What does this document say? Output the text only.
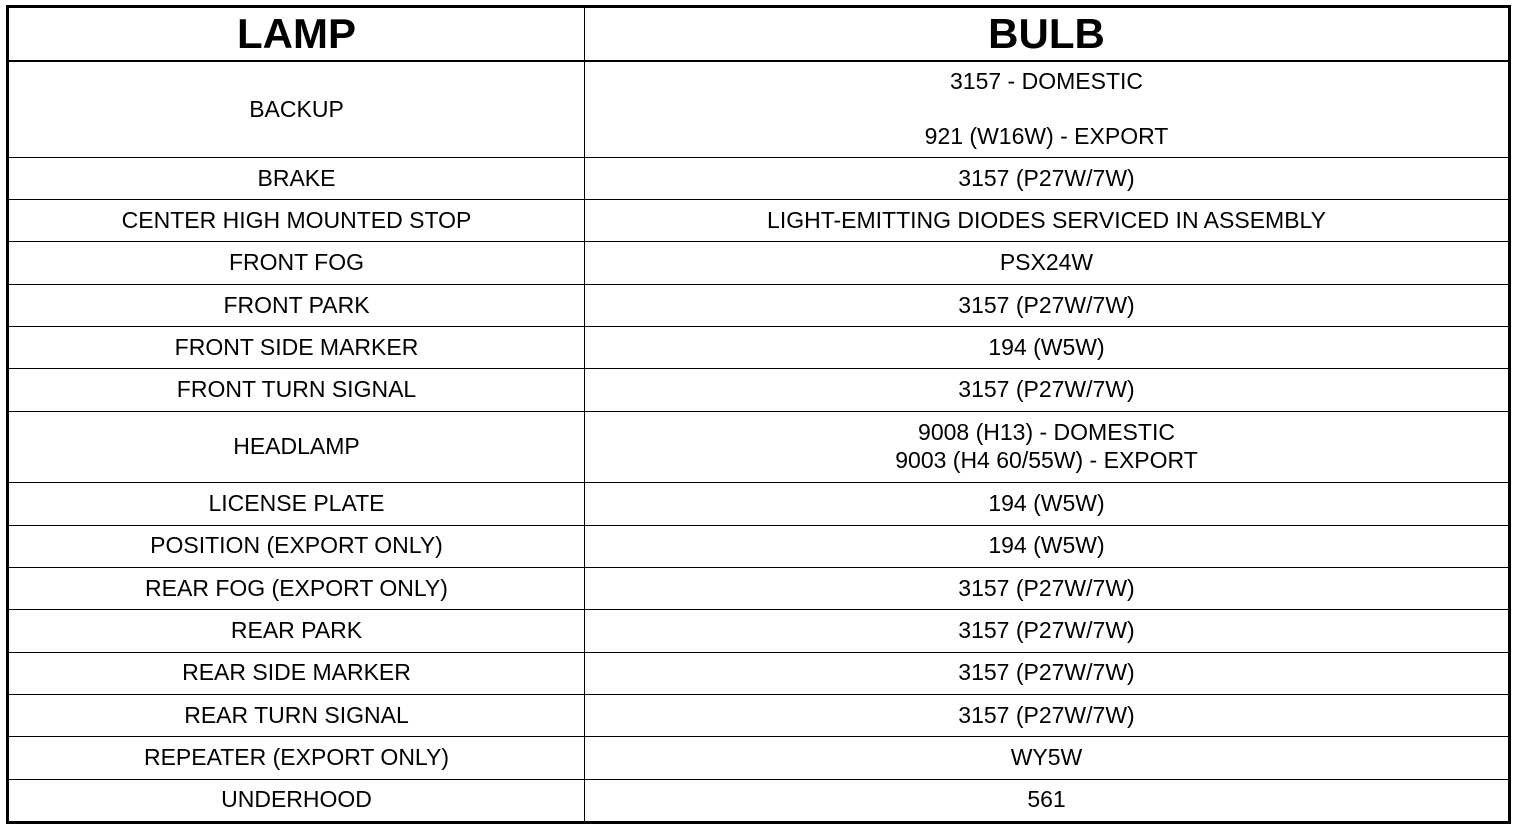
LAMP	BULB
BACKUP	3157 - DOMESTIC
921 (W16W) - EXPORT

BRAKE	3157 (P27W/7W)

CENTER HIGH MOUNTED STOP	LIGHT-EMITTING DIODES SERVICED IN ASSEMBLY

FRONT FOG	PSX24W

FRONT PARK	3157 (P27W/7W)

FRONT SIDE MARKER	194 (W5W)

FRONT TURN SIGNAL	3157 (P27W/7W)

HEADLAMP	9008 (H13) - DOMESTIC
9003 (H4 60/55W) - EXPORT

LICENSE PLATE	194 (W5W)

POSITION (EXPORT ONLY)	194 (W5W)

REAR FOG (EXPORT ONLY)	3157 (P27W/7W)

REAR PARK	3157 (P27W/7W)

REAR SIDE MARKER	3157 (P27W/7W)

REAR TURN SIGNAL	3157 (P27W/7W)

REPEATER (EXPORT ONLY)	WY5W

UNDERHOOD	561
